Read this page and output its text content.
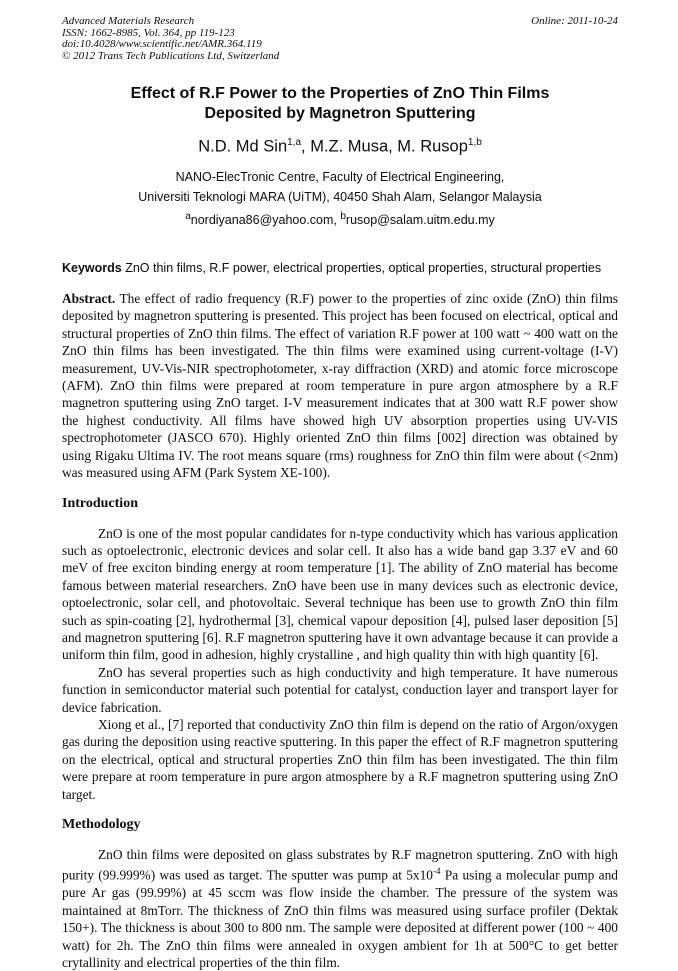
Advanced Materials Research
ISSN: 1662-8985, Vol. 364, pp 119-123
doi:10.4028/www.scientific.net/AMR.364.119
© 2012 Trans Tech Publications Ltd, Switzerland
Online: 2011-10-24
Effect of R.F Power to the Properties of ZnO Thin Films
Deposited by Magnetron Sputtering
N.D. Md Sin$^{1,a}$, M.Z. Musa, M. Rusop$^{1,b}$
NANO-ElecTronic Centre, Faculty of Electrical Engineering,
Universiti Teknologi MARA (UiTM), 40450 Shah Alam, Selangor Malaysia
$^a$nordiyana86@yahoo.com, $^b$rusop@salam.uitm.edu.my
Keywords ZnO thin films, R.F power, electrical properties, optical properties, structural properties

Abstract. The effect of radio frequency (R.F) power to the properties of zinc oxide (ZnO) thin films deposited by magnetron sputtering is presented. This project has been focused on electrical, optical and structural properties of ZnO thin films. The effect of variation R.F power at 100 watt ~ 400 watt on the ZnO thin films has been investigated. The thin films were examined using current-voltage (I-V) measurement, UV-Vis-NIR spectrophotometer, x-ray diffraction (XRD) and atomic force microscope (AFM). ZnO thin films were prepared at room temperature in pure argon atmosphere by a R.F magnetron sputtering using ZnO target. I-V measurement indicates that at 300 watt R.F power show the highest conductivity. All films have showed high UV absorption properties using UV-VIS spectrophotometer (JASCO 670). Highly oriented ZnO thin films [002] direction was obtained by using Rigaku Ultima IV. The root means square (rms) roughness for ZnO thin film were about (<2nm) was measured using AFM (Park System XE-100).

Introduction

ZnO is one of the most popular candidates for n-type conductivity which has various application such as optoelectronic, electronic devices and solar cell. It also has a wide band gap 3.37 eV and 60 meV of free exciton binding energy at room temperature [1]. The ability of ZnO material has become famous between material researchers. ZnO have been use in many devices such as electronic device, optoelectronic, solar cell, and photovoltaic. Several technique has been use to growth ZnO thin film such as spin-coating [2], hydrothermal [3], chemical vapour deposition [4], pulsed laser deposition [5] and magnetron sputtering [6]. R.F magnetron sputtering have it own advantage because it can provide a uniform thin film, good in adhesion, highly crystalline , and high quality thin with high quantity [6].

ZnO has several properties such as high conductivity and high temperature. It have numerous function in semiconductor material such potential for catalyst, conduction layer and transport layer for device fabrication.

Xiong et al., [7] reported that conductivity ZnO thin film is depend on the ratio of Argon/oxygen gas during the deposition using reactive sputtering. In this paper the effect of R.F magnetron sputtering on the electrical, optical and structural properties ZnO thin film has been investigated. The thin film were prepare at room temperature in pure argon atmosphere by a R.F magnetron sputtering using ZnO target.

Methodology

ZnO thin films were deposited on glass substrates by R.F magnetron sputtering. ZnO with high purity (99.999%) was used as target. The sputter was pump at $5x10^{-4}$ Pa using a molecular pump and pure Ar gas (99.99%) at 45 sccm was flow inside the chamber. The pressure of the system was maintained at 8mTorr. The thickness of ZnO thin films was measured using surface profiler (Dektak 150+). The thickness is about 300 to 800 nm. The sample were deposited at different power (100 ~ 400 watt) for 2h. The ZnO thin films were annealed in oxygen ambient for 1h at 500°C to get better crytallinity and electrical properties of the thin film.
